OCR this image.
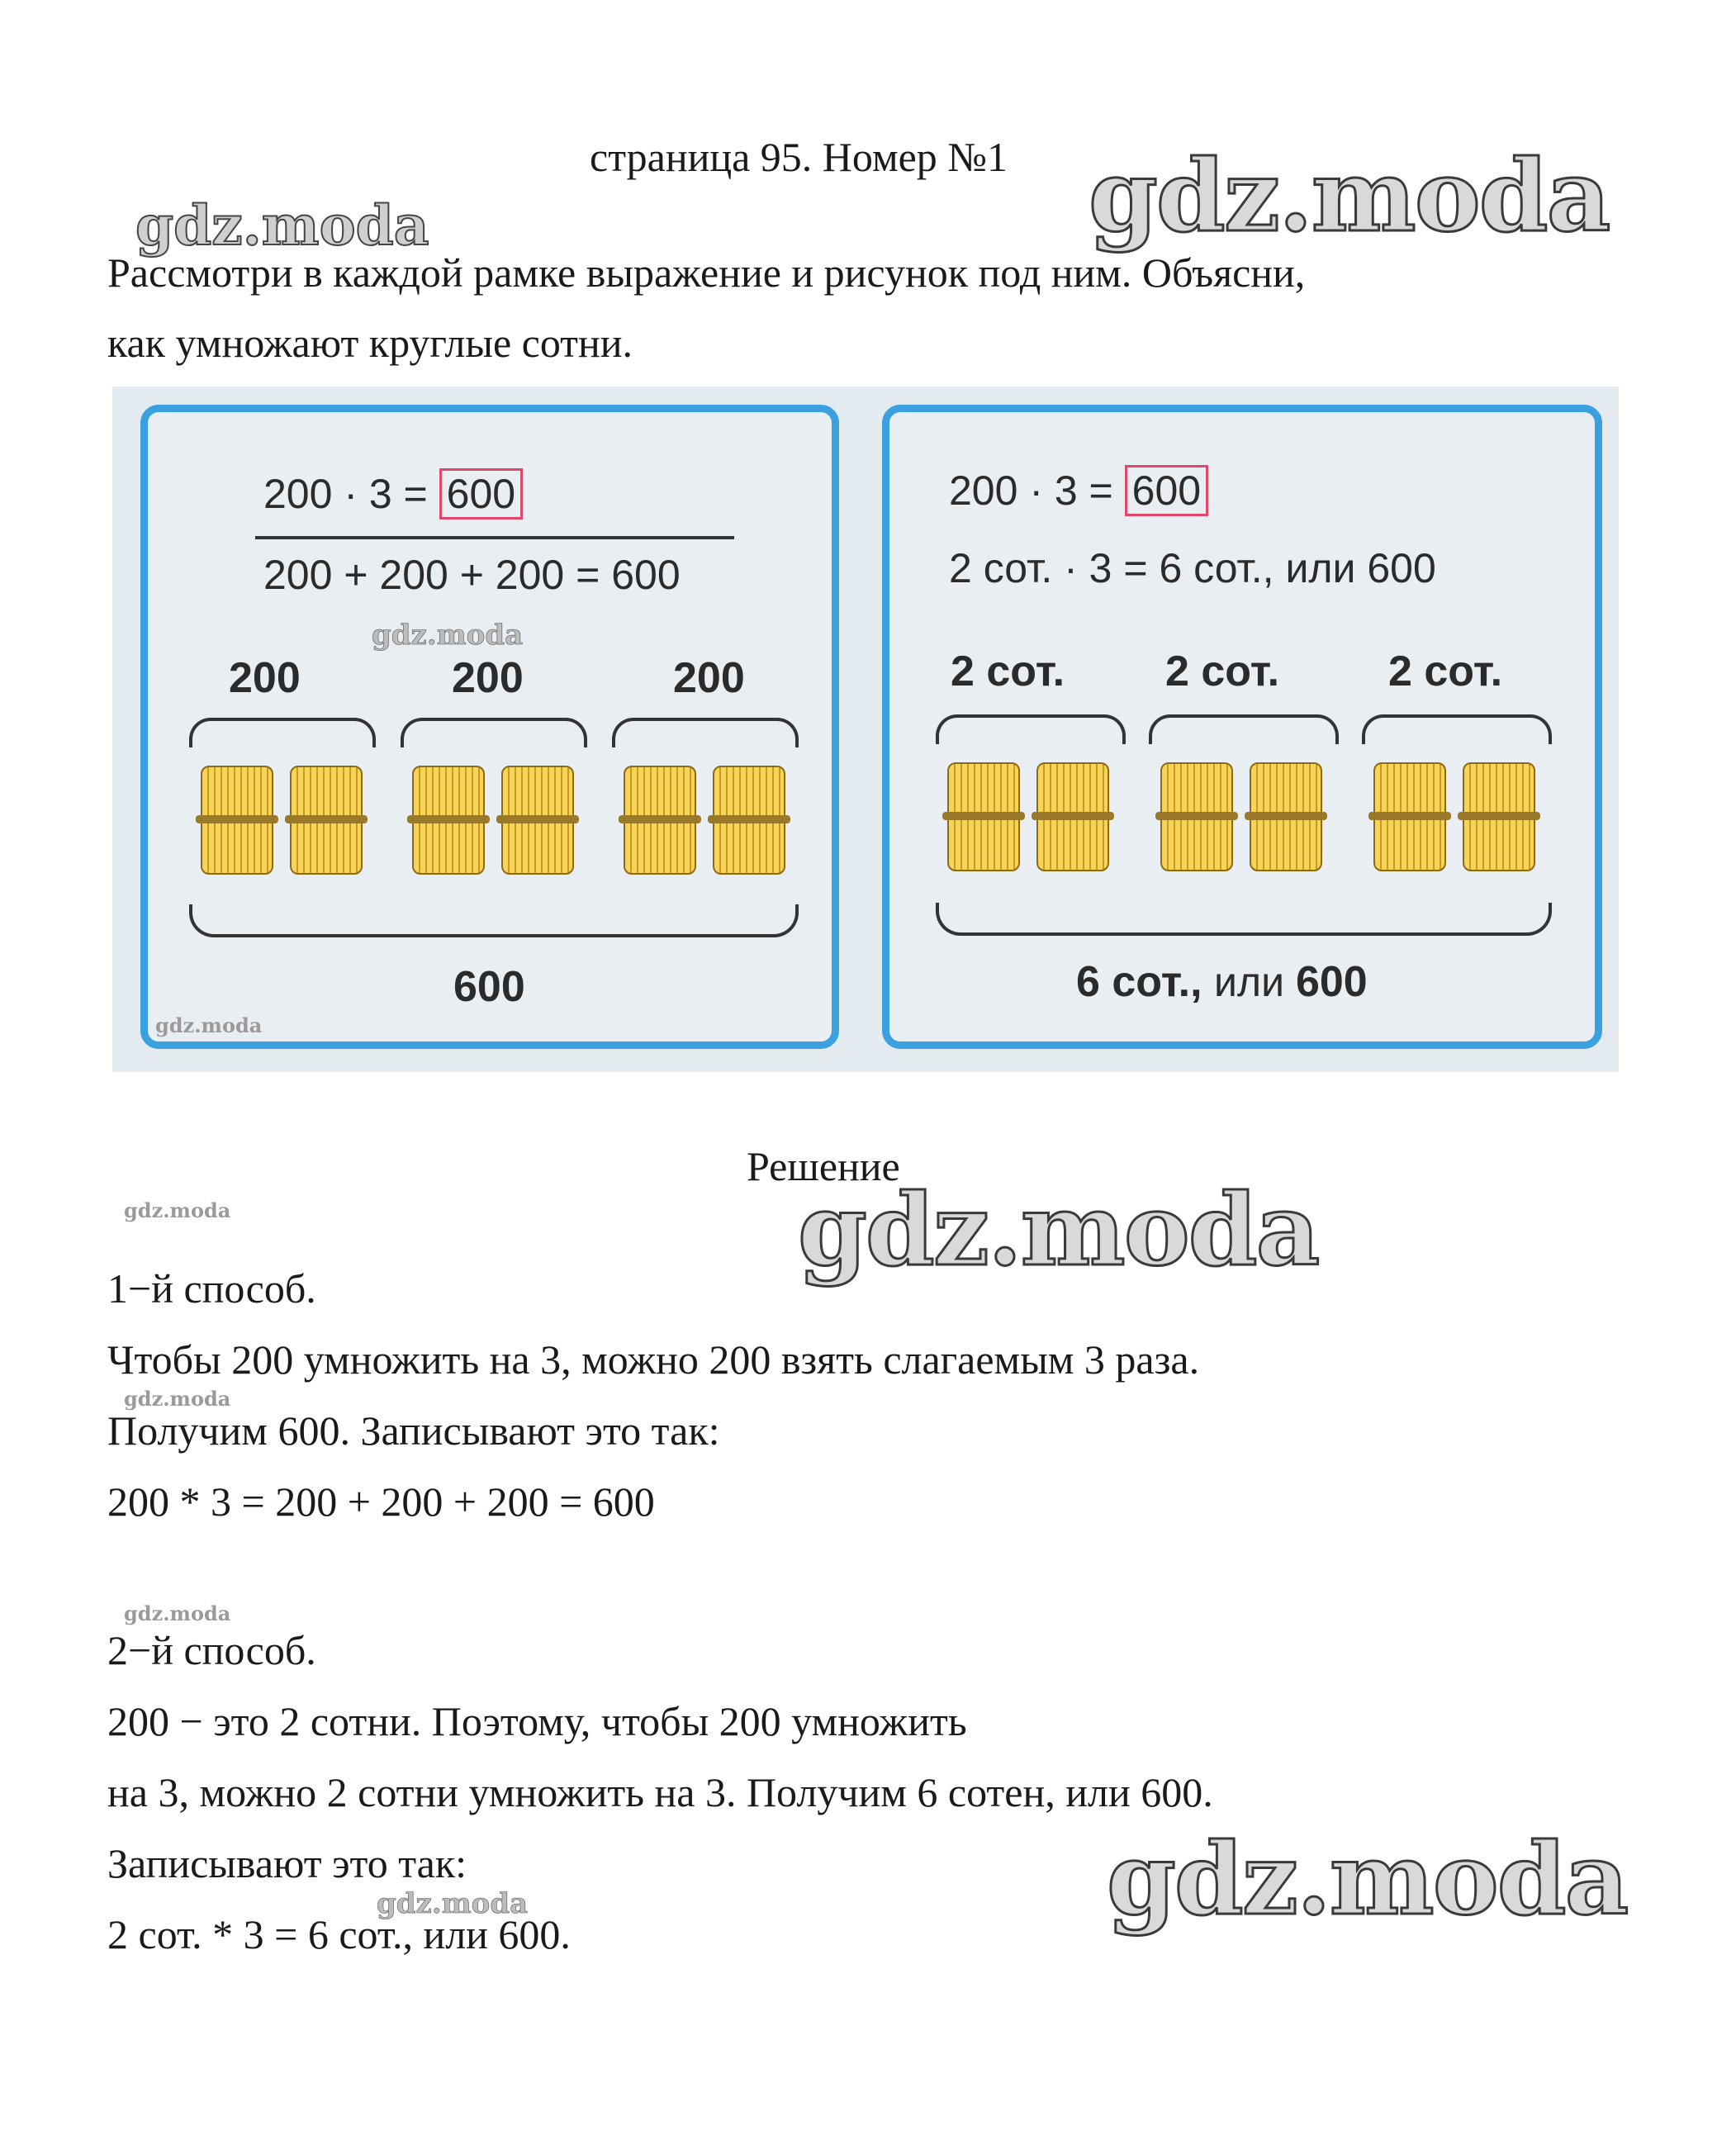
страница 95. Номер №1
Рассмотри в каждой рамке выражение и рисунок под ним. Объясни,
как умножают круглые сотни.
200 · 3 = 600
200 + 200 + 200 = 600
200	200	200
600
200 · 3 = 600
2 сот. · 3 = 6 сот., или 600
2 сот. 2 сот.	2 сот.
6 сот., или 600
Решение
1−й способ.
Чтобы 200 умножить на 3, можно 200 взять слагаемым 3 раза.
Получим 600. Записывают это так:
200 * 3 = 200 + 200 + 200 = 600
2−й способ.
200 − это 2 сотни. Поэтому, чтобы 200 умножить
на 3, можно 2 сотни умножить на 3. Получим 6 сотен, или 600.
Записывают это так:
2 сот. * 3 = 6 сот., или 600.
gdz.moda
gdz.moda
gdz.moda
gdz.moda
gdz.moda
gdz.moda
gdz.moda
gdz.moda
gdz.moda
gdz.moda
